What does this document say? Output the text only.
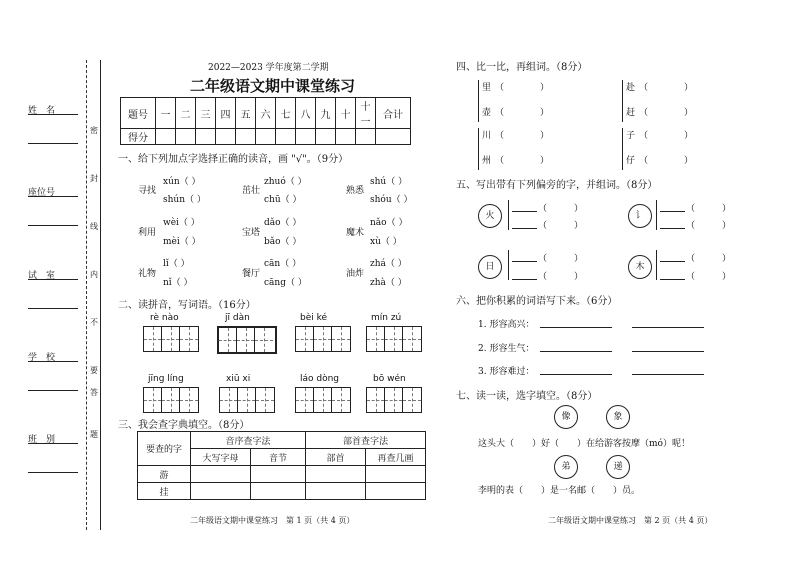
姓　名
座位号
试　室
学　校
班　别
密
封
线
内
不
要
答
题
2022—2023 学年度第二学期
二年级语文期中课堂练习
题号	一	二	三	四	五	六	七	八	九	十	十一	合计
得分												
一、给下列加点字选择正确的读音，画 "√"。（9分）
寻找
xún（ ）
shún（ ）
茁壮
zhuó（ ）
chū（ ）
熟悉
shú（ ）
shóu（ ）
利用
wèi（ ）
mèi（ ）
宝塔
dǎo（ ）
bǎo（ ）
魔术
nǎo（ ）
xù（ ）
礼物
lǐ（ ）
nǐ（ ）
餐厅
cān（ ）
cāng（ ）
油炸
zhá（ ）
zhà（ ）
二、读拼音，写词语。（16分）
rè nào	jī dàn	bèi ké	mín zú
jīng líng	xiū xi	láo dòng	bō wén
三、我会查字典填空。（8分）
要查的字	音序查字法		部首查字法	
	大写字母	音节	部首	再查几画
游				
挂				
二年级语文期中课堂练习　第 1 页（共 4 页）
四、比一比，再组词。（8分）
里 （　　　　）
壶 （　　　　）
川 （　　　　）
州 （　　　　）
赴 （　　　　）
赶 （　　　　）
子 （　　　　）
仔 （　　　　）
五、写出带有下列偏旁的字，并组词。（8分）
火
（　　　）
（　　　）
讠
（　　　）
（　　　）
日
（　　　）
（　　　）
木
（　　　）
（　　　）
六、把你积累的词语写下来。（6分）
1. 形容高兴：
2. 形容生气：
3. 形容难过：
七、读一读，选字填空。（8分）
像	象
这头大（　　）好（　　）在给游客按摩（mó）呢！
弟	递
李明的表（　　）是一名邮（　　）员。
二年级语文期中课堂练习　第 2 页（共 4 页）
